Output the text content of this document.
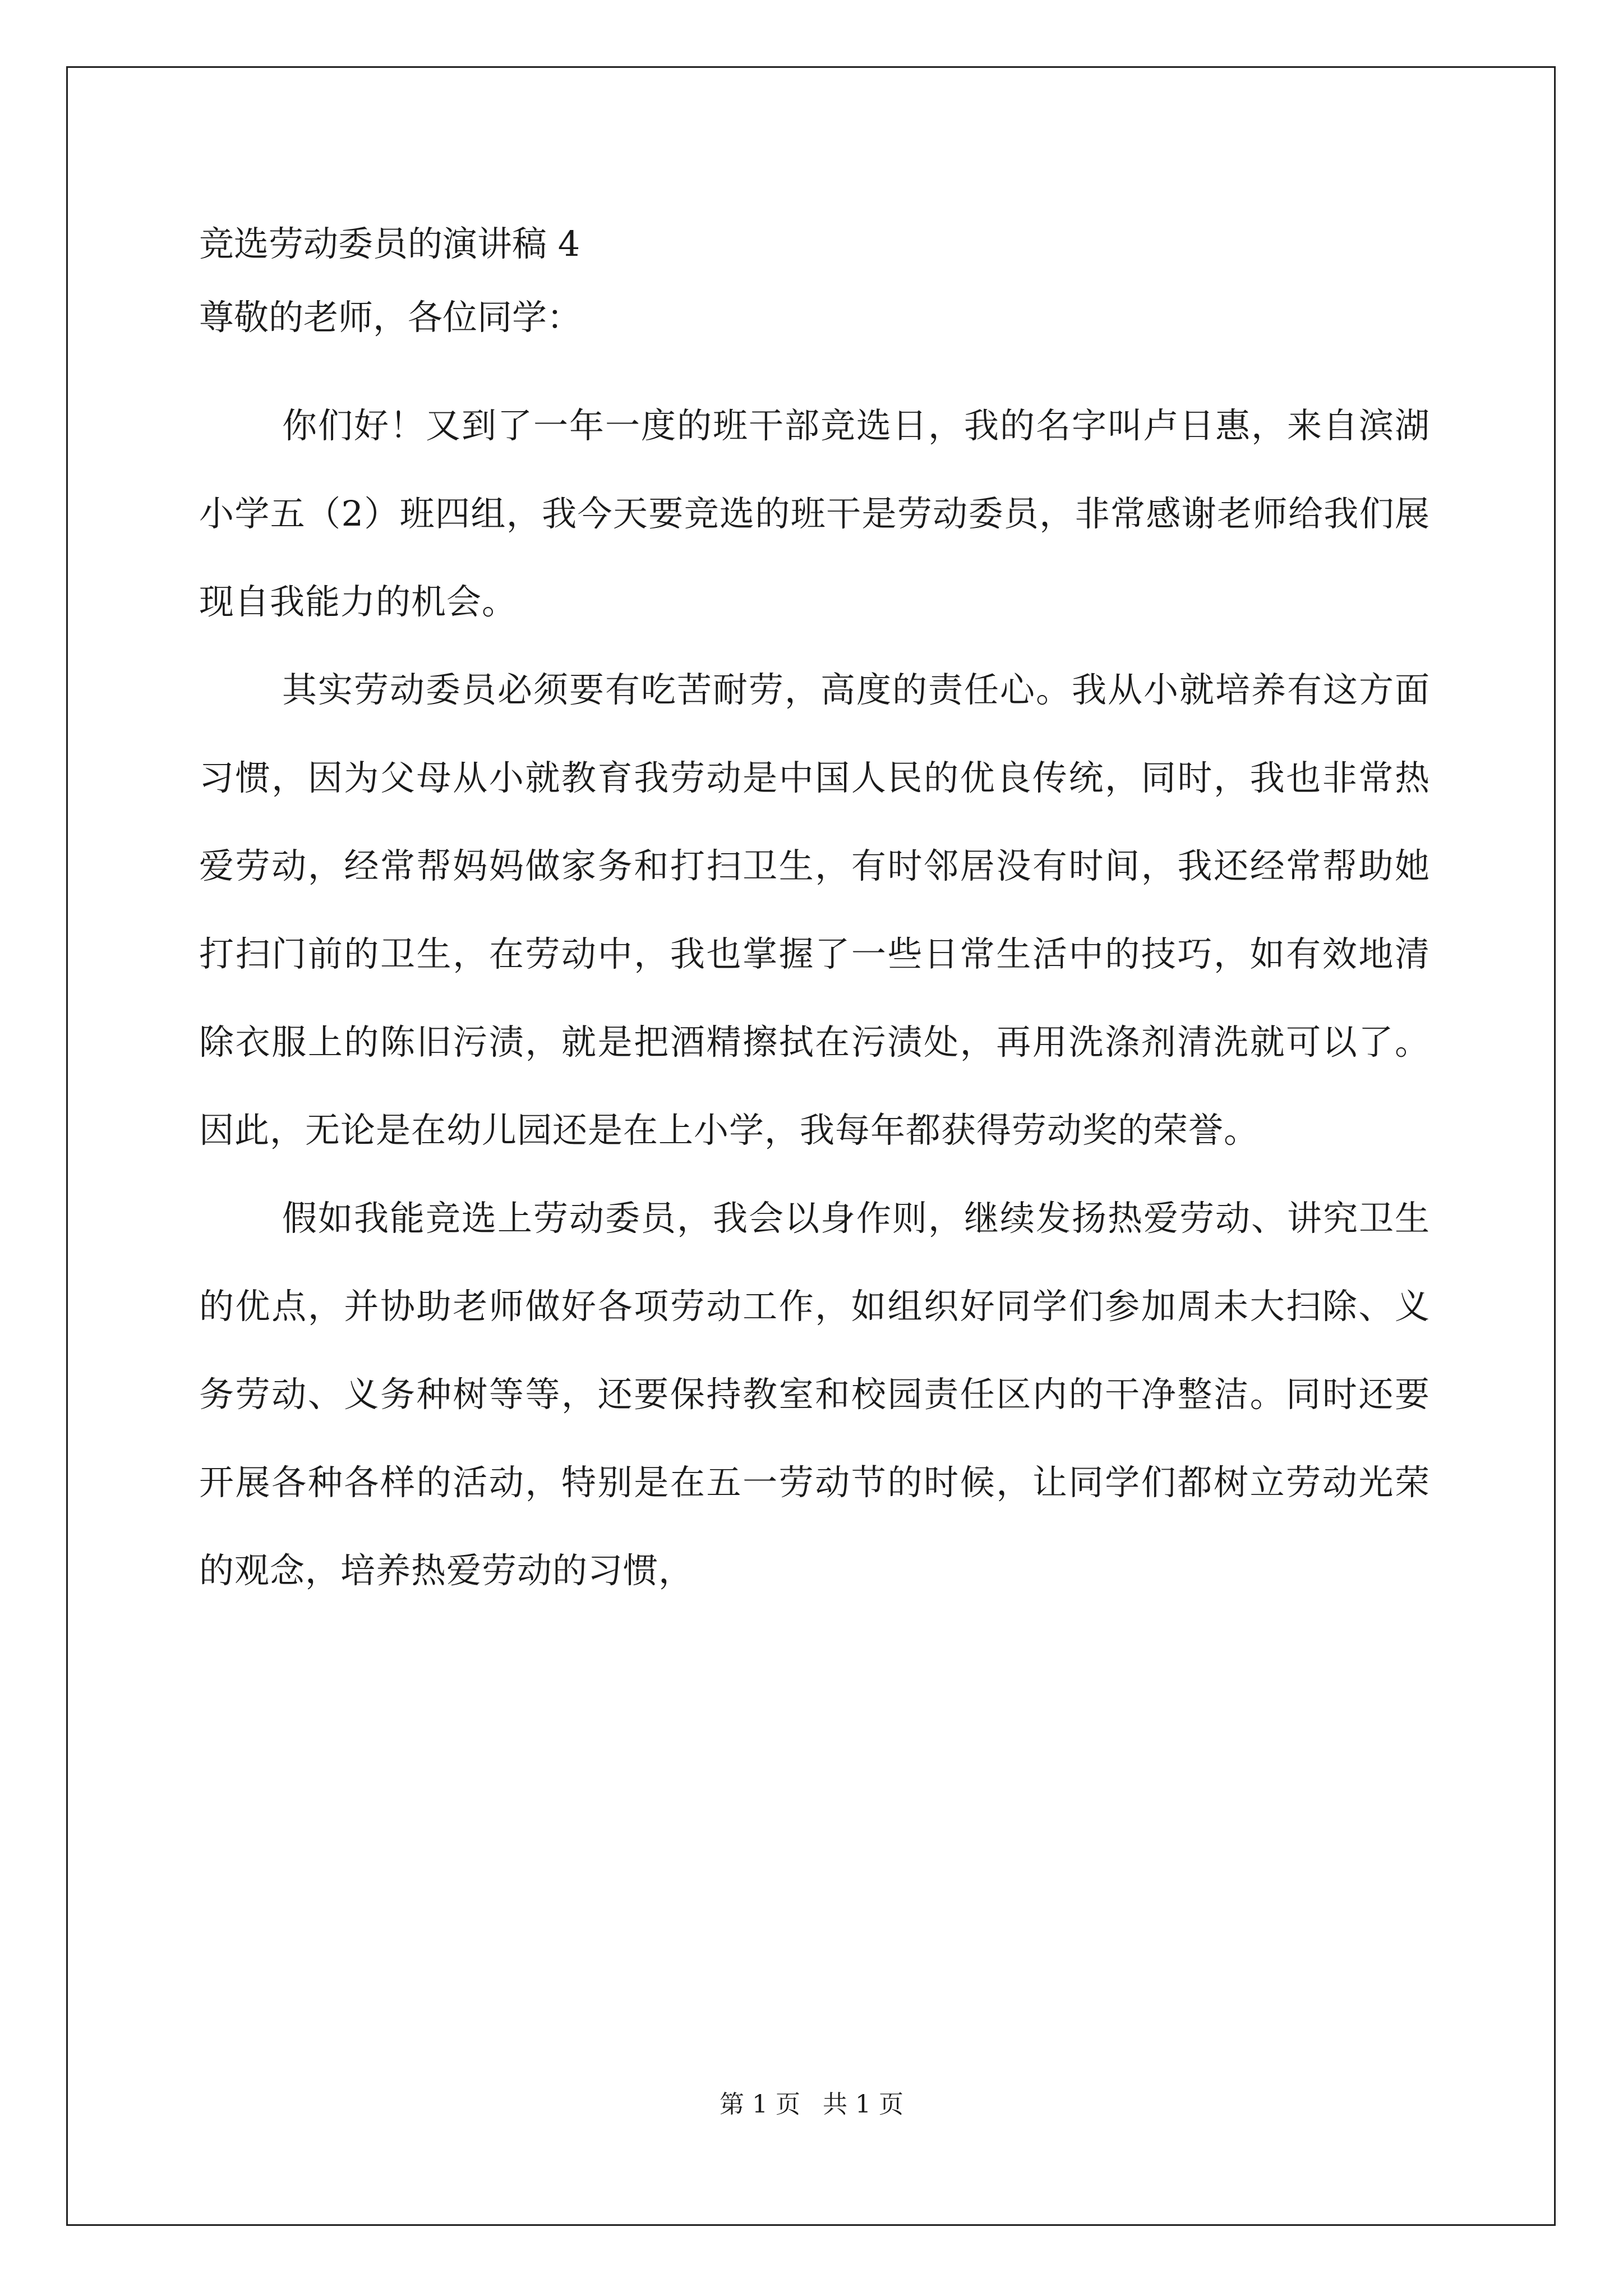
竞选劳动委员的演讲稿 4
尊敬的老师，各位同学：

你们好！又到了一年一度的班干部竞选日，我的名字叫卢日惠，来自滨湖小学五（2）班四组，我今天要竞选的班干是劳动委员，非常感谢老师给我们展现自我能力的机会。

其实劳动委员必须要有吃苦耐劳，高度的责任心。我从小就培养有这方面习惯，因为父母从小就教育我劳动是中国人民的优良传统，同时，我也非常热爱劳动，经常帮妈妈做家务和打扫卫生，有时邻居没有时间，我还经常帮助她打扫门前的卫生，在劳动中，我也掌握了一些日常生活中的技巧，如有效地清除衣服上的陈旧污渍，就是把酒精擦拭在污渍处，再用洗涤剂清洗就可以了。因此，无论是在幼儿园还是在上小学，我每年都获得劳动奖的荣誉。

假如我能竞选上劳动委员，我会以身作则，继续发扬热爱劳动、讲究卫生的优点，并协助老师做好各项劳动工作，如组织好同学们参加周未大扫除、义务劳动、义务种树等等，还要保持教室和校园责任区内的干净整洁。同时还要开展各种各样的活动，特别是在五一劳动节的时候，让同学们都树立劳动光荣的观念，培养热爱劳动的习惯，

第 1 页 共 1 页
